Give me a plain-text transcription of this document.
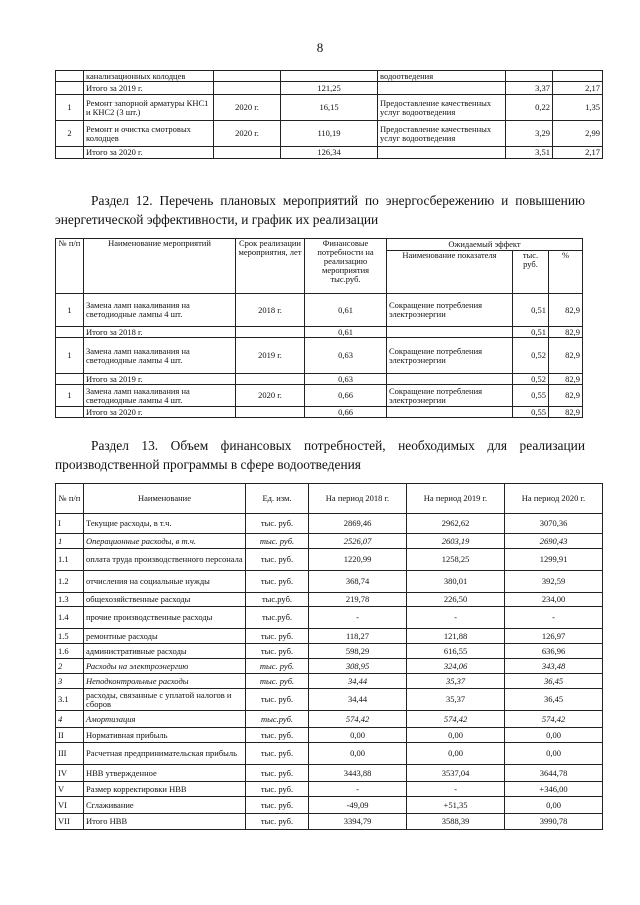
8
	канализационных колодцев			водоотведения		
	Итого за 2019 г.		121,25		3,37	2,17
1	Ремонт запорной арматуры КНС1 и КНС2 (3 шт.)	2020 г.	16,15	Предоставление качественных услуг водоотведения	0,22	1,35
2	Ремонт и очистка смотровых колодцев	2020 г.	110,19	Предоставление качественных услуг водоотведения	3,29	2,99
	Итого за 2020 г.		126,34		3,51	2,17
Раздел 12. Перечень плановых мероприятий по энергосбережению и повышению энергетической эффективности, и график их реализации
№ п/п	Наименование мероприятий	Срок реализации мероприятия, лет	Финансовые потребности на реализацию мероприятия тыс.руб.	Ожидаемый эффект		
				Наименование показателя	тыс. руб.	%
1	Замена ламп накаливания на светодиодные лампы 4 шт.	2018 г.	0,61	Сокращение потребления электроэнергии	0,51	82,9
	Итого за 2018 г.		0,61		0,51	82,9
1	Замена ламп накаливания на светодиодные лампы 4 шт.	2019 г.	0,63	Сокращение потребления электроэнергии	0,52	82,9
	Итого за 2019 г.		0,63		0,52	82,9
1	Замена ламп накаливания на светодиодные лампы 4 шт.	2020 г.	0,66	Сокращение потребления электроэнергии	0,55	82,9
	Итого за 2020 г.		0,66		0,55	82,9
Раздел 13. Объем финансовых потребностей, необходимых для реализации производственной программы в сфере водоотведения
№ п/п	Наименование	Ед. изм.	На период 2018 г.	На период 2019 г.	На период 2020 г.
I	Текущие расходы, в т.ч.	тыс. руб.	2869,46	2962,62	3070,36
1	Операционные расходы, в т.ч.	тыс. руб.	2526,07	2603,19	2690,43
1.1	оплата труда производственного персонала	тыс. руб.	1220,99	1258,25	1299,91
1.2	отчисления на социальные нужды	тыс. руб.	368,74	380,01	392,59
1.3	общехозяйственные расходы	тыс.руб.	219,78	226,50	234,00
1.4	прочие производственные расходы	тыс.руб.	-	-	-
1.5	ремонтные расходы	тыс. руб.	118,27	121,88	126,97
1.6	административные расходы	тыс. руб.	598,29	616,55	636,96
2	Расходы на электроэнергию	тыс. руб.	308,95	324,06	343,48
3	Неподконтрольные расходы	тыс. руб.	34,44	35,37	36,45
3.1	расходы, связанные с уплатой налогов и сборов	тыс. руб.	34,44	35,37	36,45
4	Амортизация	тыс.руб.	574,42	574,42	574,42
II	Нормативная прибыль	тыс. руб.	0,00	0,00	0,00
III	Расчетная предпринимательская прибыль	тыс. руб.	0,00	0,00	0,00
IV	НВВ утвержденное	тыс. руб.	3443,88	3537,04	3644,78
V	Размер корректировки НВВ	тыс. руб.	-	-	+346,00
VI	Сглаживание	тыс. руб.	-49,09	+51,35	0,00
VII	Итого НВВ	тыс. руб.	3394,79	3588,39	3990,78
